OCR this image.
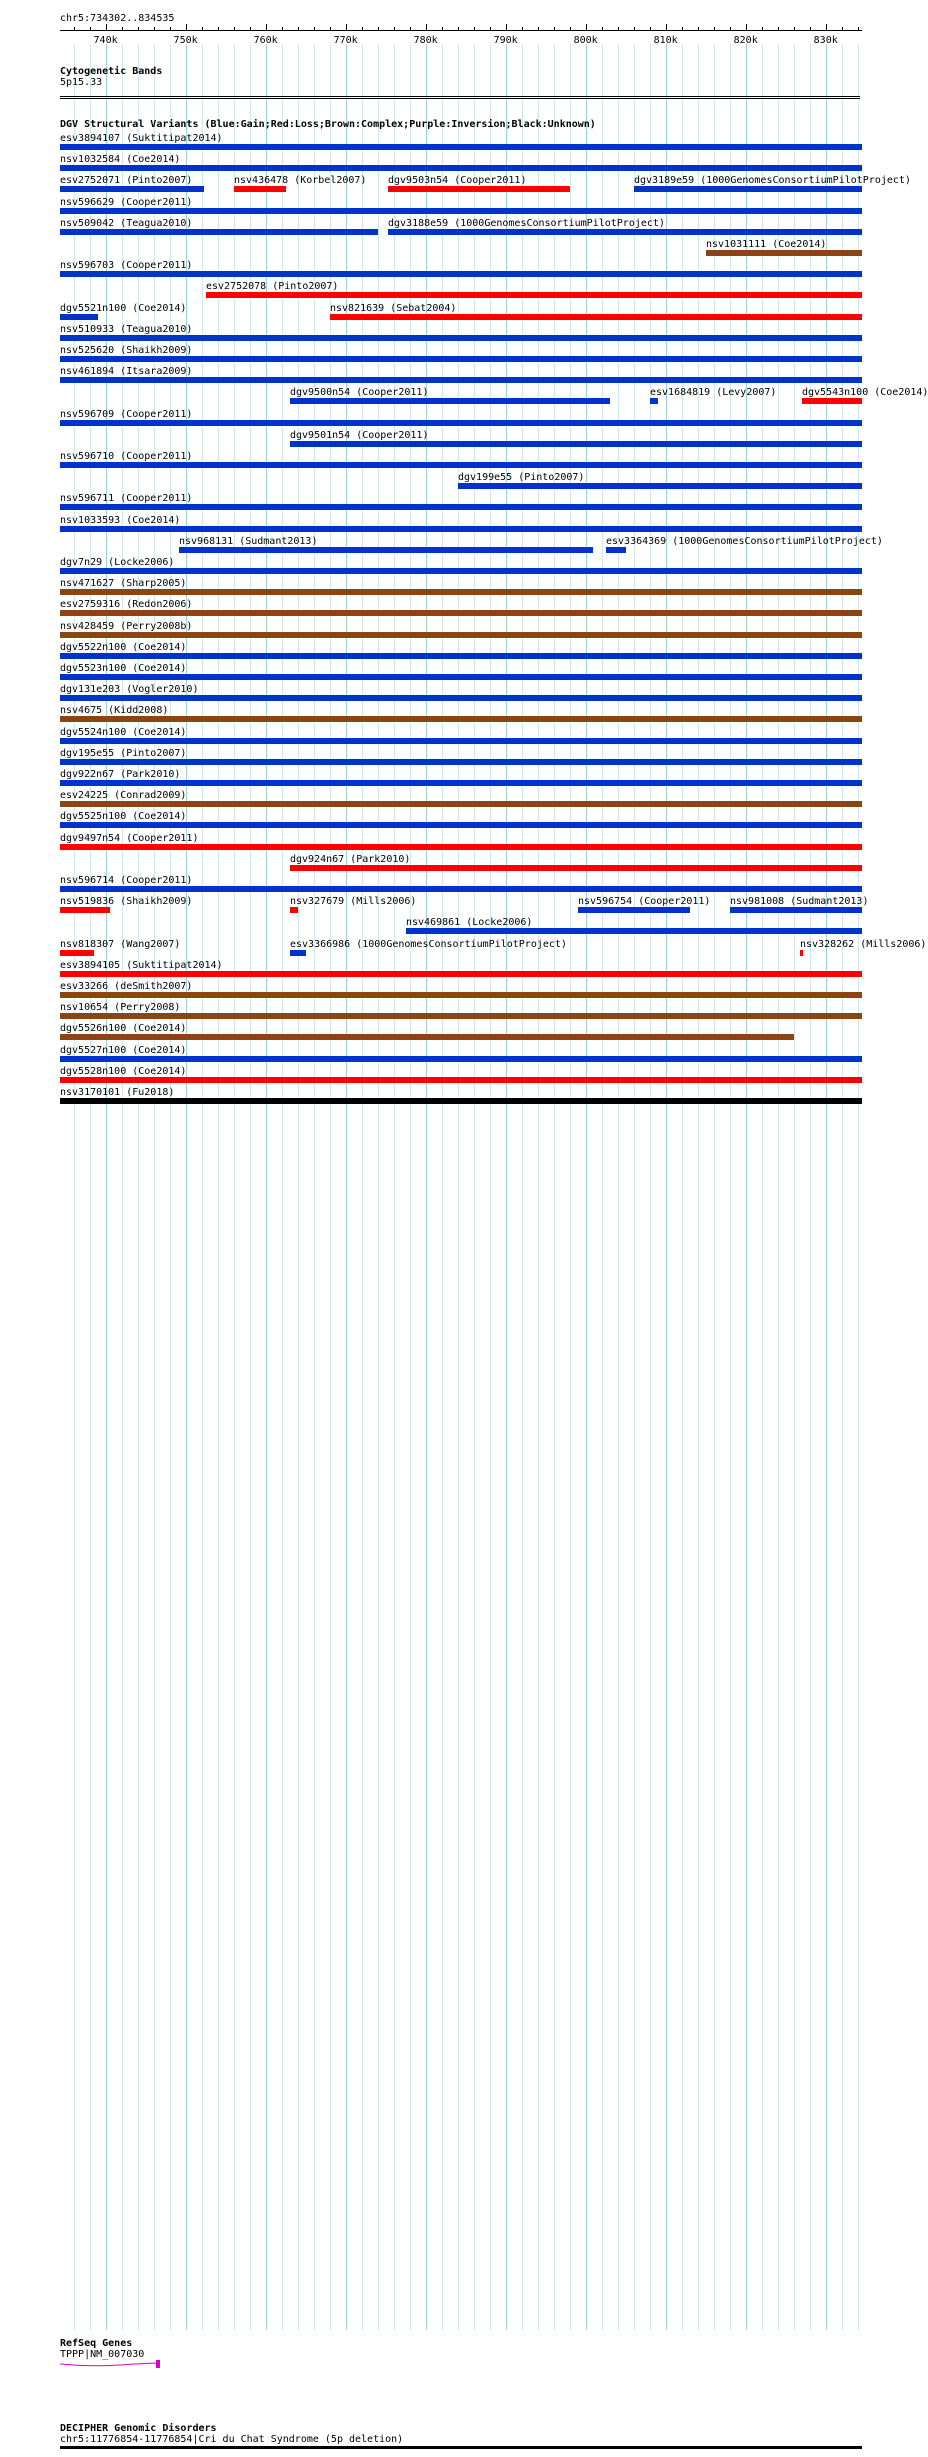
chr5:734302..834535
740k	750k	760k	770k	780k	790k	800k	810k	820k	830k
Cytogenetic Bands
5p15.33
DGV Structural Variants (Blue:Gain;Red:Loss;Brown:Complex;Purple:Inversion;Black:Unknown)
esv3894107 (Suktitipat2014)
nsv1032584 (Coe2014)
esv2752071 (Pinto2007)	nsv436478 (Korbel2007) dgv9503n54 (Cooper2011)	dgv3189e59 (1000GenomesConsortiumPilotProject)
nsv596629 (Cooper2011)
nsv509042 (Teagua2010)	dgv3188e59 (1000GenomesConsortiumPilotProject)
nsv1031111 (Coe2014)
nsv596703 (Cooper2011)
esv2752078 (Pinto2007)
dgv5521n100 (Coe2014)	nsv821639 (Sebat2004)
nsv510933 (Teagua2010)
nsv525620 (Shaikh2009)
nsv461894 (Itsara2009)
dgv9500n54 (Cooper2011)	esv1684819 (Levy2007)	dgv5543n100 (Coe2014)
nsv596709 (Cooper2011)
dgv9501n54 (Cooper2011)
nsv596710 (Cooper2011)
dgv199e55 (Pinto2007)
nsv596711 (Cooper2011)
nsv1033593 (Coe2014)
nsv968131 (Sudmant2013)	esv3364369 (1000GenomesConsortiumPilotProject)
dgv7n29 (Locke2006)
nsv471627 (Sharp2005)
esv2759316 (Redon2006)
nsv428459 (Perry2008b)
dgv5522n100 (Coe2014)
dgv5523n100 (Coe2014)
dgv131e203 (Vogler2010)
nsv4675 (Kidd2008)
dgv5524n100 (Coe2014)
dgv195e55 (Pinto2007)
dgv922n67 (Park2010)
esv24225 (Conrad2009)
dgv5525n100 (Coe2014)
dgv9497n54 (Cooper2011)
dgv924n67 (Park2010)
nsv596714 (Cooper2011)
nsv519836 (Shaikh2009)	nsv327679 (Mills2006)
nsv469861 (Locke2006)
nsv818307 (Wang2007)	esv3366986 (1000GenomesConsortiumPilotProject)
nsv596754 (Cooper2011) nsv981008 (Sudmant2013)
esv3894105 (Suktitipat2014)
esv33266 (deSmith2007)
nsv10654 (Perry2008)
dgv5526n100 (Coe2014)
nsv328262 (Mills2006)
dgv5527n100 (Coe2014)
dgv5528n100 (Coe2014)
nsv3170101 (Fu2018)
RefSeq Genes
TPPP|NM_007030
DECIPHER Genomic Disorders
chr5:11776854-11776854|Cri du Chat Syndrome (5p deletion)
